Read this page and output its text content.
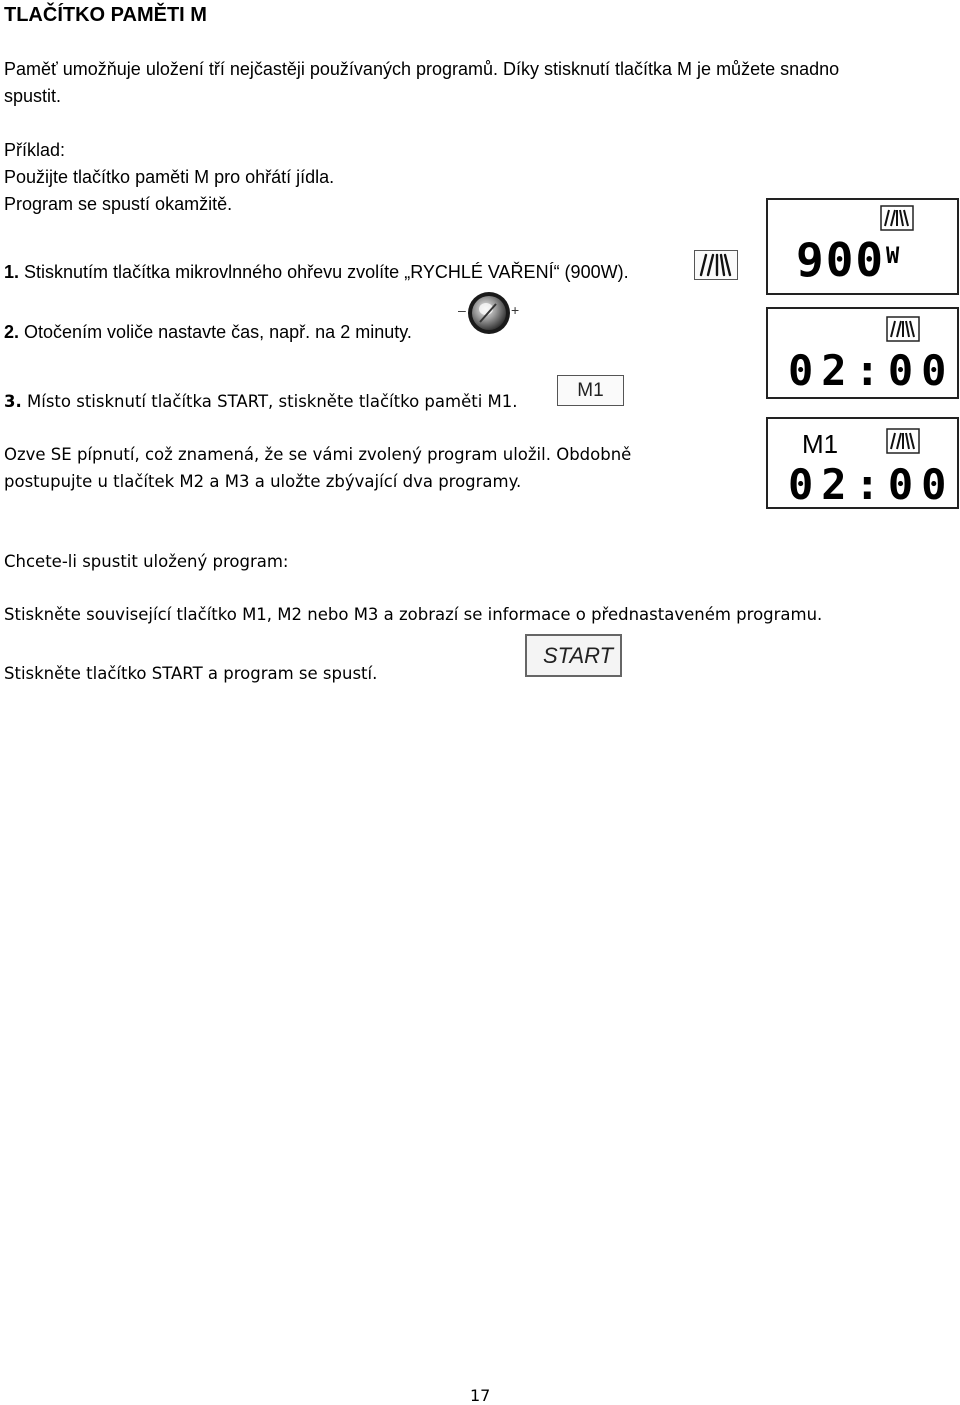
TLAČÍTKO PAMĚTI M
Paměť umožňuje uložení tří nejčastěji používaných programů. Díky stisknutí tlačítka M je můžete snadno
spustit.
Příklad:
Použijte tlačítko paměti M pro ohřátí jídla.
Program se spustí okamžitě.
1. Stisknutím tlačítka mikrovlnného ohřevu zvolíte „RYCHLÉ VAŘENÍ“ (900W).
2. Otočením voliče nastavte čas, např. na 2 minuty.
–	+
3. Místo stisknutí tlačítka START, stiskněte tlačítko paměti M1.
M1
Ozve SE pípnutí, což znamená, že se vámi zvolený program uložil. Obdobně
postupujte u tlačítek M2 a M3 a uložte zbývající dva programy.
Chcete-li spustit uložený program:
Stiskněte související tlačítko M1, M2 nebo M3 a zobrazí se informace o přednastaveném programu.
Stiskněte tlačítko START a program se spustí.
START
900 W
02:00
M1
02:00
17
